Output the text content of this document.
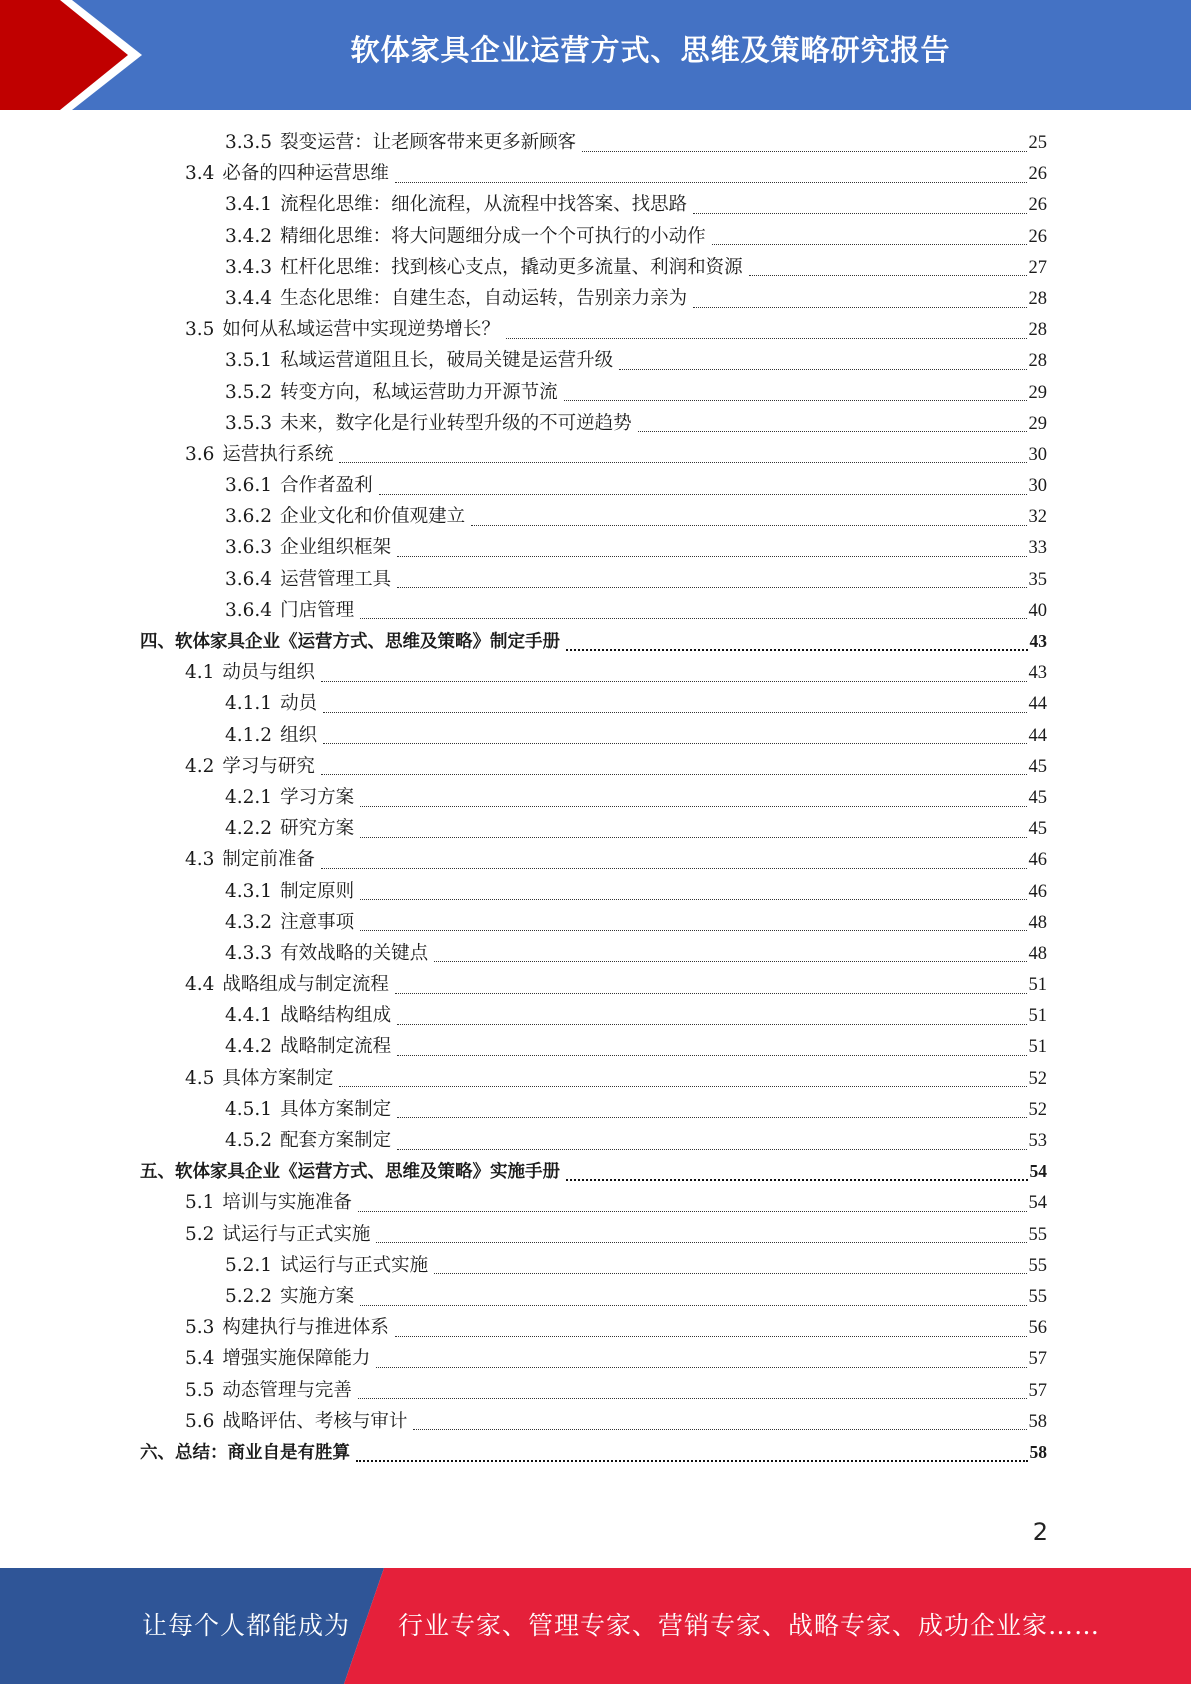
软体家具企业运营方式、思维及策略研究报告
3.3.5 裂变运营：让老顾客带来更多新顾客	25
3.4 必备的四种运营思维	26
3.4.1 流程化思维：细化流程，从流程中找答案、找思路	26
3.4.2 精细化思维：将大问题细分成一个个可执行的小动作	26
3.4.3 杠杆化思维：找到核心支点，撬动更多流量、利润和资源	27
3.4.4 生态化思维：自建生态，自动运转，告别亲力亲为	28
3.5 如何从私域运营中实现逆势增长？	28
3.5.1 私域运营道阻且长，破局关键是运营升级	28
3.5.2 转变方向，私域运营助力开源节流	29
3.5.3 未来，数字化是行业转型升级的不可逆趋势	29
3.6 运营执行系统	30
3.6.1 合作者盈利	30
3.6.2 企业文化和价值观建立	32
3.6.3 企业组织框架	33
3.6.4 运营管理工具	35
3.6.4 门店管理	40
四、软体家具企业《运营方式、思维及策略》制定手册	43
4.1 动员与组织	43
4.1.1 动员	44
4.1.2 组织	44
4.2 学习与研究	45
4.2.1 学习方案	45
4.2.2 研究方案	45
4.3 制定前准备	46
4.3.1 制定原则	46
4.3.2 注意事项	48
4.3.3 有效战略的关键点	48
4.4 战略组成与制定流程	51
4.4.1 战略结构组成	51
4.4.2 战略制定流程	51
4.5 具体方案制定	52
4.5.1 具体方案制定	52
4.5.2 配套方案制定	53
五、软体家具企业《运营方式、思维及策略》实施手册	54
5.1 培训与实施准备	54
5.2 试运行与正式实施	55
5.2.1 试运行与正式实施	55
5.2.2 实施方案	55
5.3 构建执行与推进体系	56
5.4 增强实施保障能力	57
5.5 动态管理与完善	57
5.6 战略评估、考核与审计	58
六、总结：商业自是有胜算	58
2
让每个人都能成为 行业专家、管理专家、营销专家、战略专家、成功企业家……
